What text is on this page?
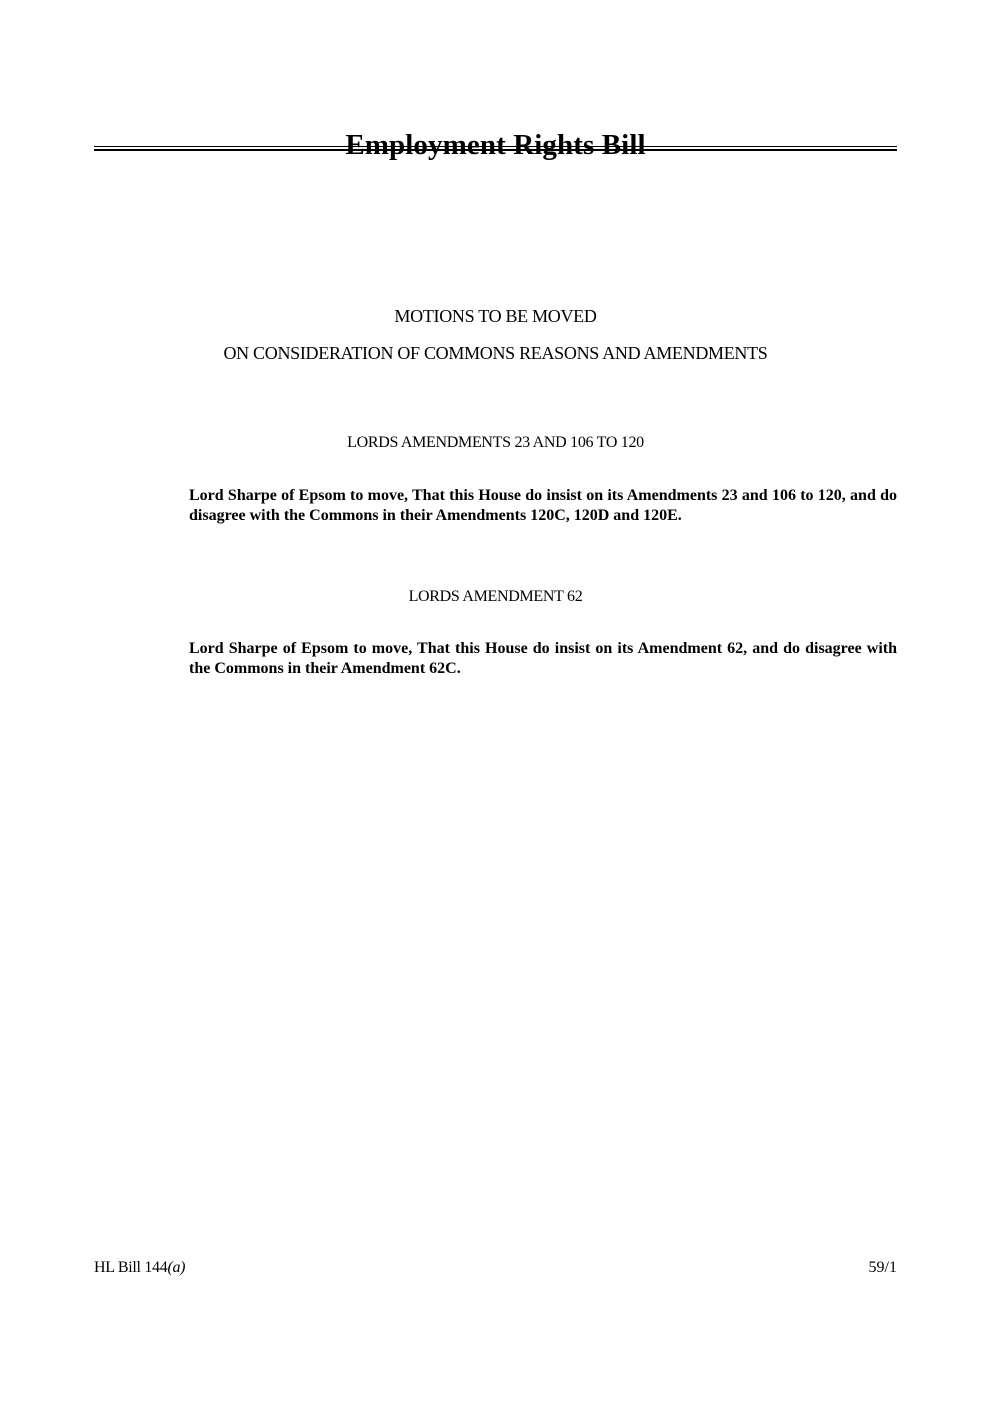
MOTIONS TO BE MOVED
ON CONSIDERATION OF COMMONS REASONS AND AMENDMENTS
LORDS AMENDMENTS 23 AND 106 TO 120
Lord Sharpe of Epsom to move, That this House do insist on its Amendments 23 and 106 to 120, and do disagree with the Commons in their Amendments 120C, 120D and 120E.
LORDS AMENDMENT 62
Lord Sharpe of Epsom to move, That this House do insist on its Amendment 62, and do disagree with the Commons in their Amendment 62C.
HL Bill 144(a)	59/1
